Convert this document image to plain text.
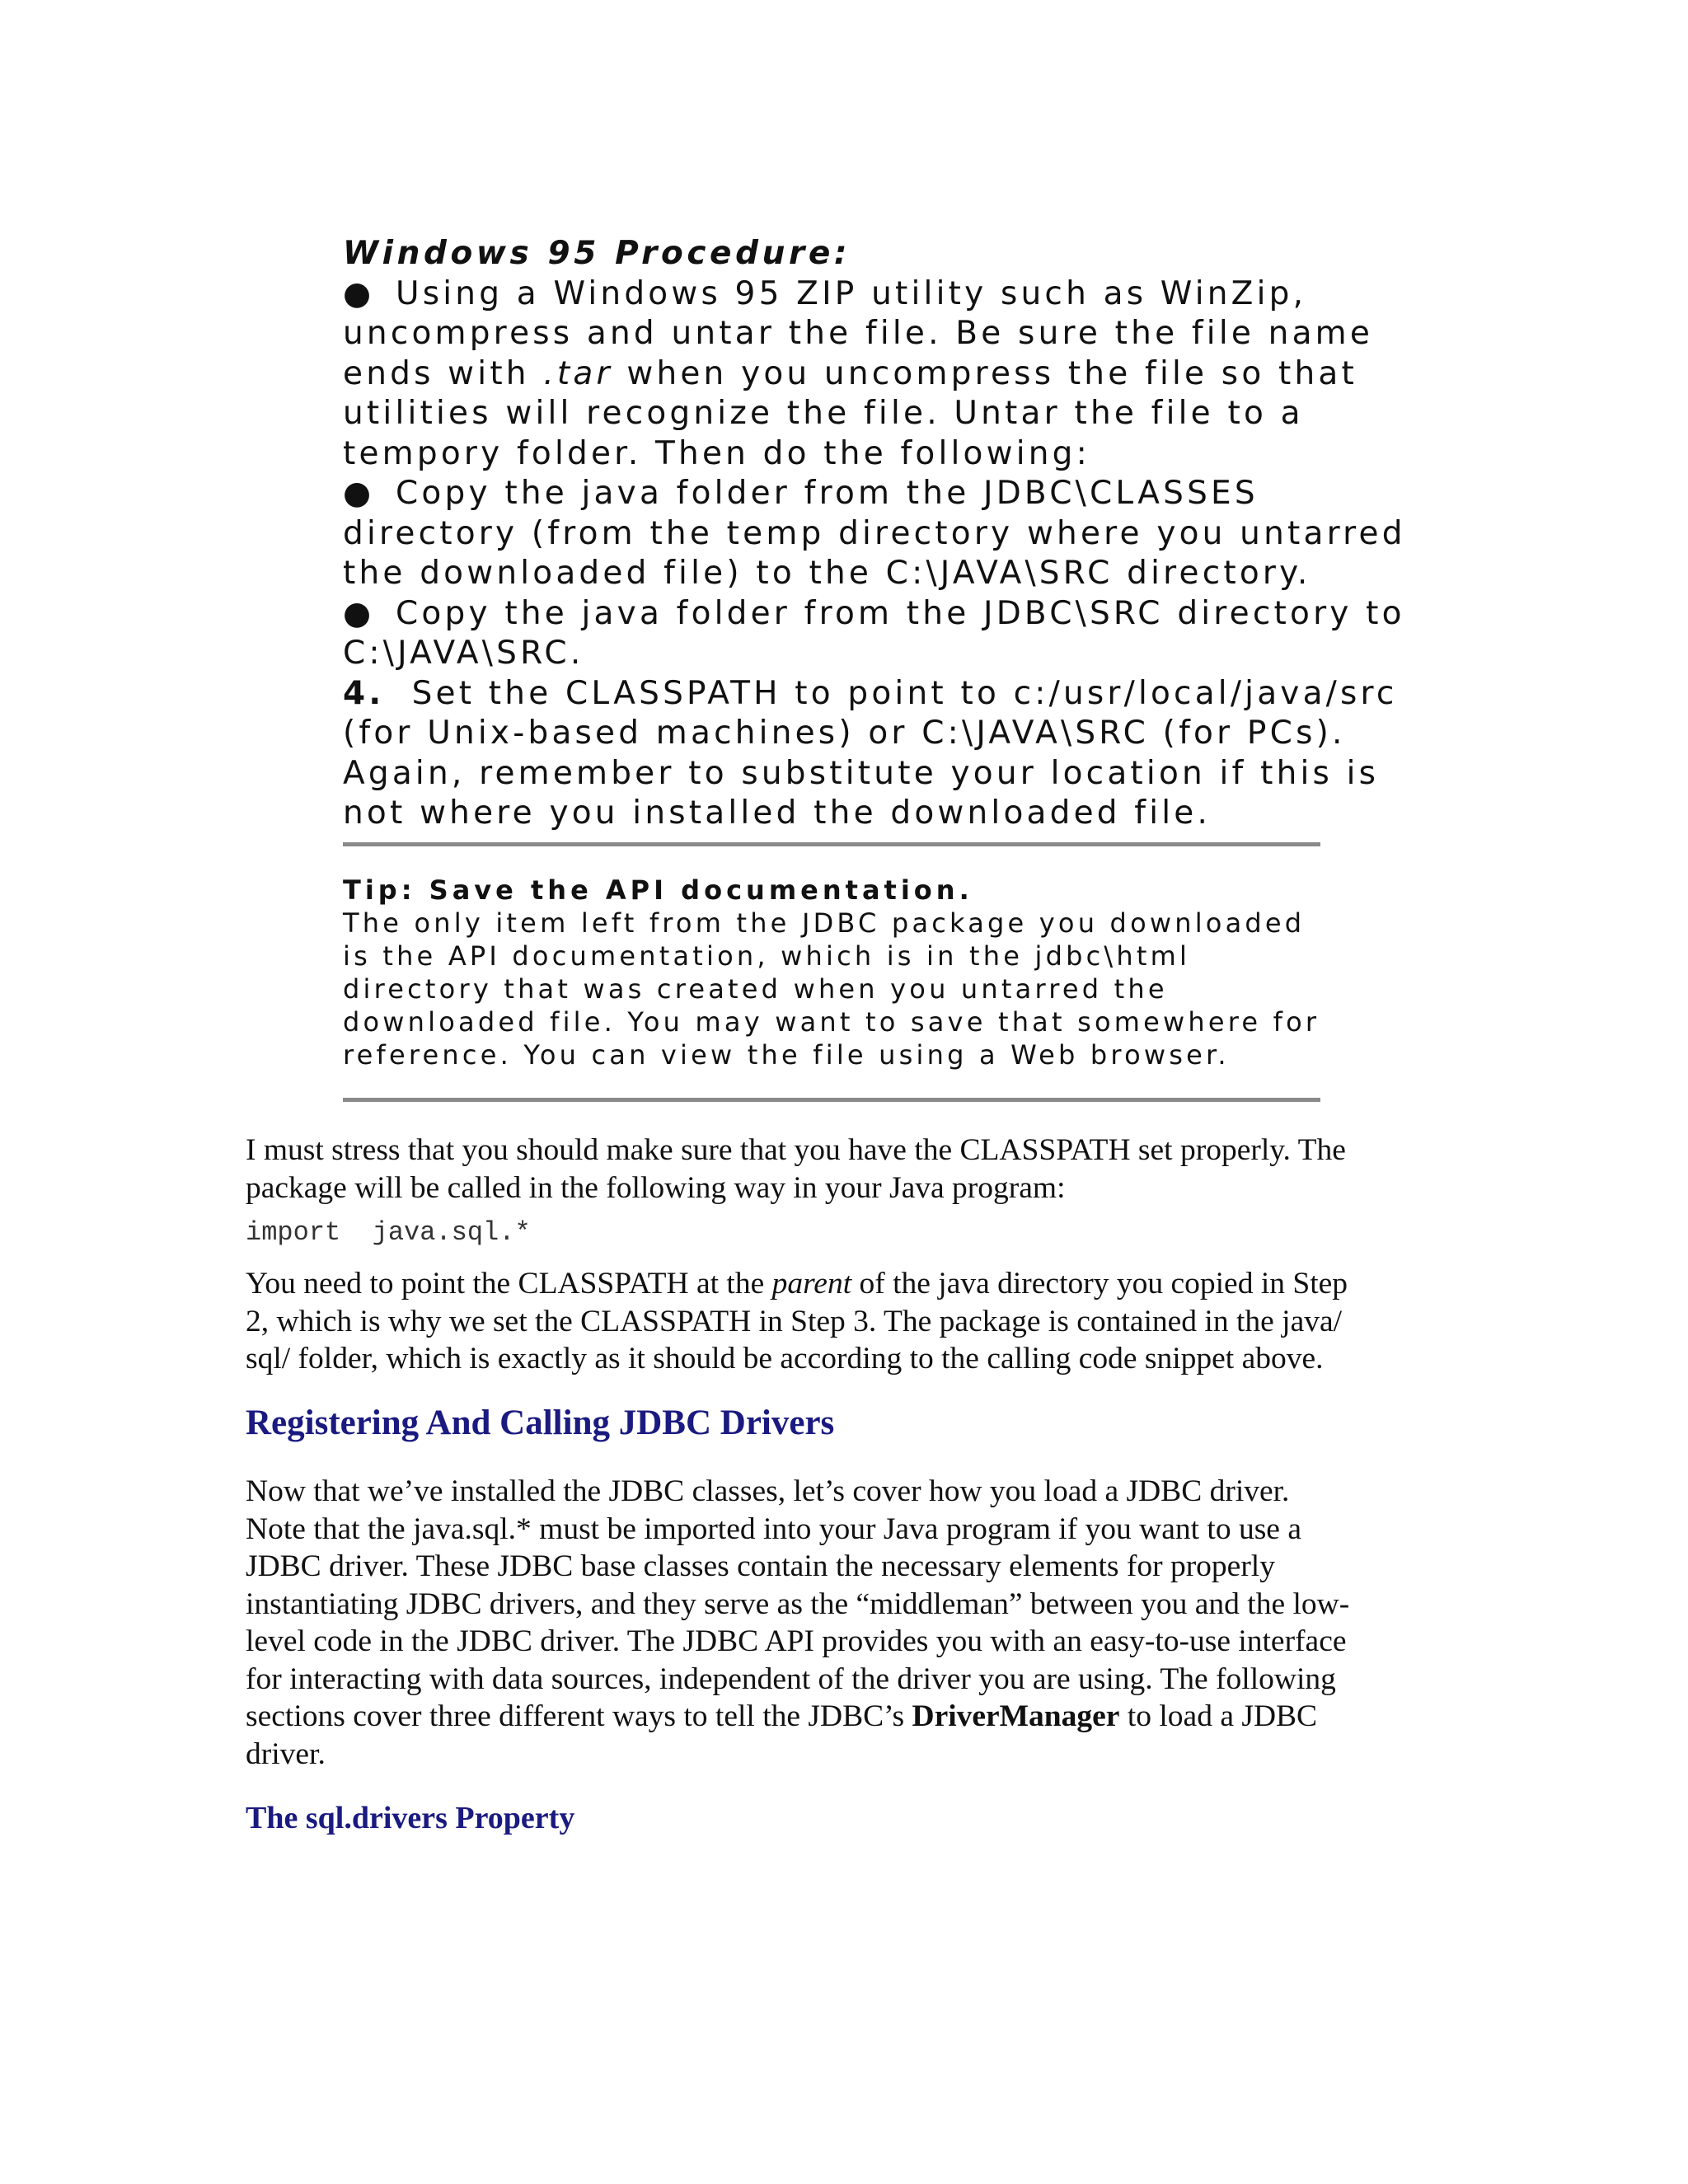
Windows 95 Procedure:
● Using a Windows 95 ZIP utility such as WinZip,
uncompress and untar the file. Be sure the file name
ends with .tar when you uncompress the file so that
utilities will recognize the file. Untar the file to a
tempory folder. Then do the following:
● Copy the java folder from the JDBC\CLASSES
directory (from the temp directory where you untarred
the downloaded file) to the C:\JAVA\SRC directory.
● Copy the java folder from the JDBC\SRC directory to
C:\JAVA\SRC.
4. Set the CLASSPATH to point to c:/usr/local/java/src
(for Unix-based machines) or C:\JAVA\SRC (for PCs).
Again, remember to substitute your location if this is
not where you installed the downloaded file.
Tip: Save the API documentation.
The only item left from the JDBC package you downloaded
is the API documentation, which is in the jdbc\html
directory that was created when you untarred the
downloaded file. You may want to save that somewhere for
reference. You can view the file using a Web browser.
I must stress that you should make sure that you have the CLASSPATH set properly. The
package will be called in the following way in your Java program:
import  java.sql.*
You need to point the CLASSPATH at the parent of the java directory you copied in Step
2, which is why we set the CLASSPATH in Step 3. The package is contained in the java/
sql/ folder, which is exactly as it should be according to the calling code snippet above.
Registering And Calling JDBC Drivers
Now that we’ve installed the JDBC classes, let’s cover how you load a JDBC driver.
Note that the java.sql.* must be imported into your Java program if you want to use a
JDBC driver. These JDBC base classes contain the necessary elements for properly
instantiating JDBC drivers, and they serve as the “middleman” between you and the low-
level code in the JDBC driver. The JDBC API provides you with an easy-to-use interface
for interacting with data sources, independent of the driver you are using. The following
sections cover three different ways to tell the JDBC’s DriverManager to load a JDBC
driver.
The sql.drivers Property
